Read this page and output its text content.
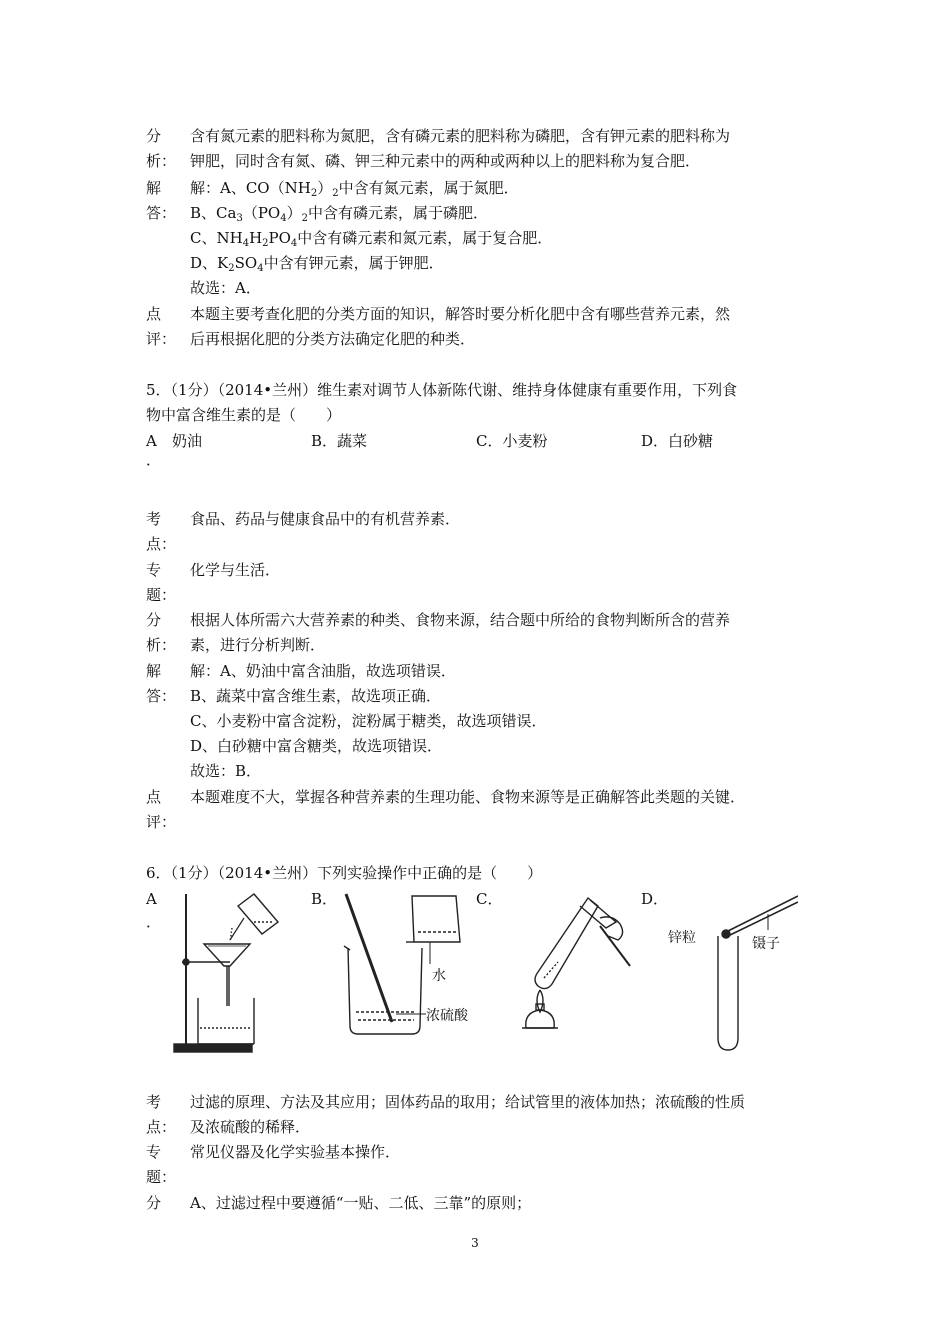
分	含有氮元素的肥料称为氮肥，含有磷元素的肥料称为磷肥，含有钾元素的肥料称为
析： 钾肥，同时含有氮、磷、钾三种元素中的两种或两种以上的肥料称为复合肥．
解	解：A、$CO(NH_2)_2$中含有氮元素，属于氮肥．
答： B、$Ca_3(PO_4)_2$中含有磷元素，属于磷肥．
C、$NH_4H_2PO_4$中含有磷元素和氮元素，属于复合肥．
D、$K_2SO_4$中含有钾元素，属于钾肥．
故选：A．
点	本题主要考查化肥的分类方面的知识，解答时要分析化肥中含有哪些营养元素，然
评： 后再根据化肥的分类方法确定化肥的种类．
5．（1分）（2014•兰州）维生素对调节人体新陈代谢、维持身体健康有重要作用，下列食
物中富含维生素的是（　　）
A
．
奶油	B．蔬菜	C．小麦粉	D．白砂糖
考	食品、药品与健康食品中的有机营养素．
点：
专	化学与生活．
题：
分	根据人体所需六大营养素的种类、食物来源，结合题中所给的食物判断所含的营养
析： 素，进行分析判断．
解	解：A、奶油中富含油脂，故选项错误．
答： B、蔬菜中富含维生素，故选项正确．
C、小麦粉中富含淀粉，淀粉属于糖类，故选项错误．
D、白砂糖中富含糖类，故选项错误．
故选：B．
点	本题难度不大，掌握各种营养素的生理功能、食物来源等是正确解答此类题的关键．
评：
6．（1分）（2014•兰州）下列实验操作中正确的是（　　）
A
．
B．	C．	D．
水
浓硫酸
锌粒	镊子
考	过滤的原理、方法及其应用；固体药品的取用；给试管里的液体加热；浓硫酸的性质
点： 及浓硫酸的稀释．
专	常见仪器及化学实验基本操作．
题：
分	A、过滤过程中要遵循“一贴、二低、三靠”的原则；
3
